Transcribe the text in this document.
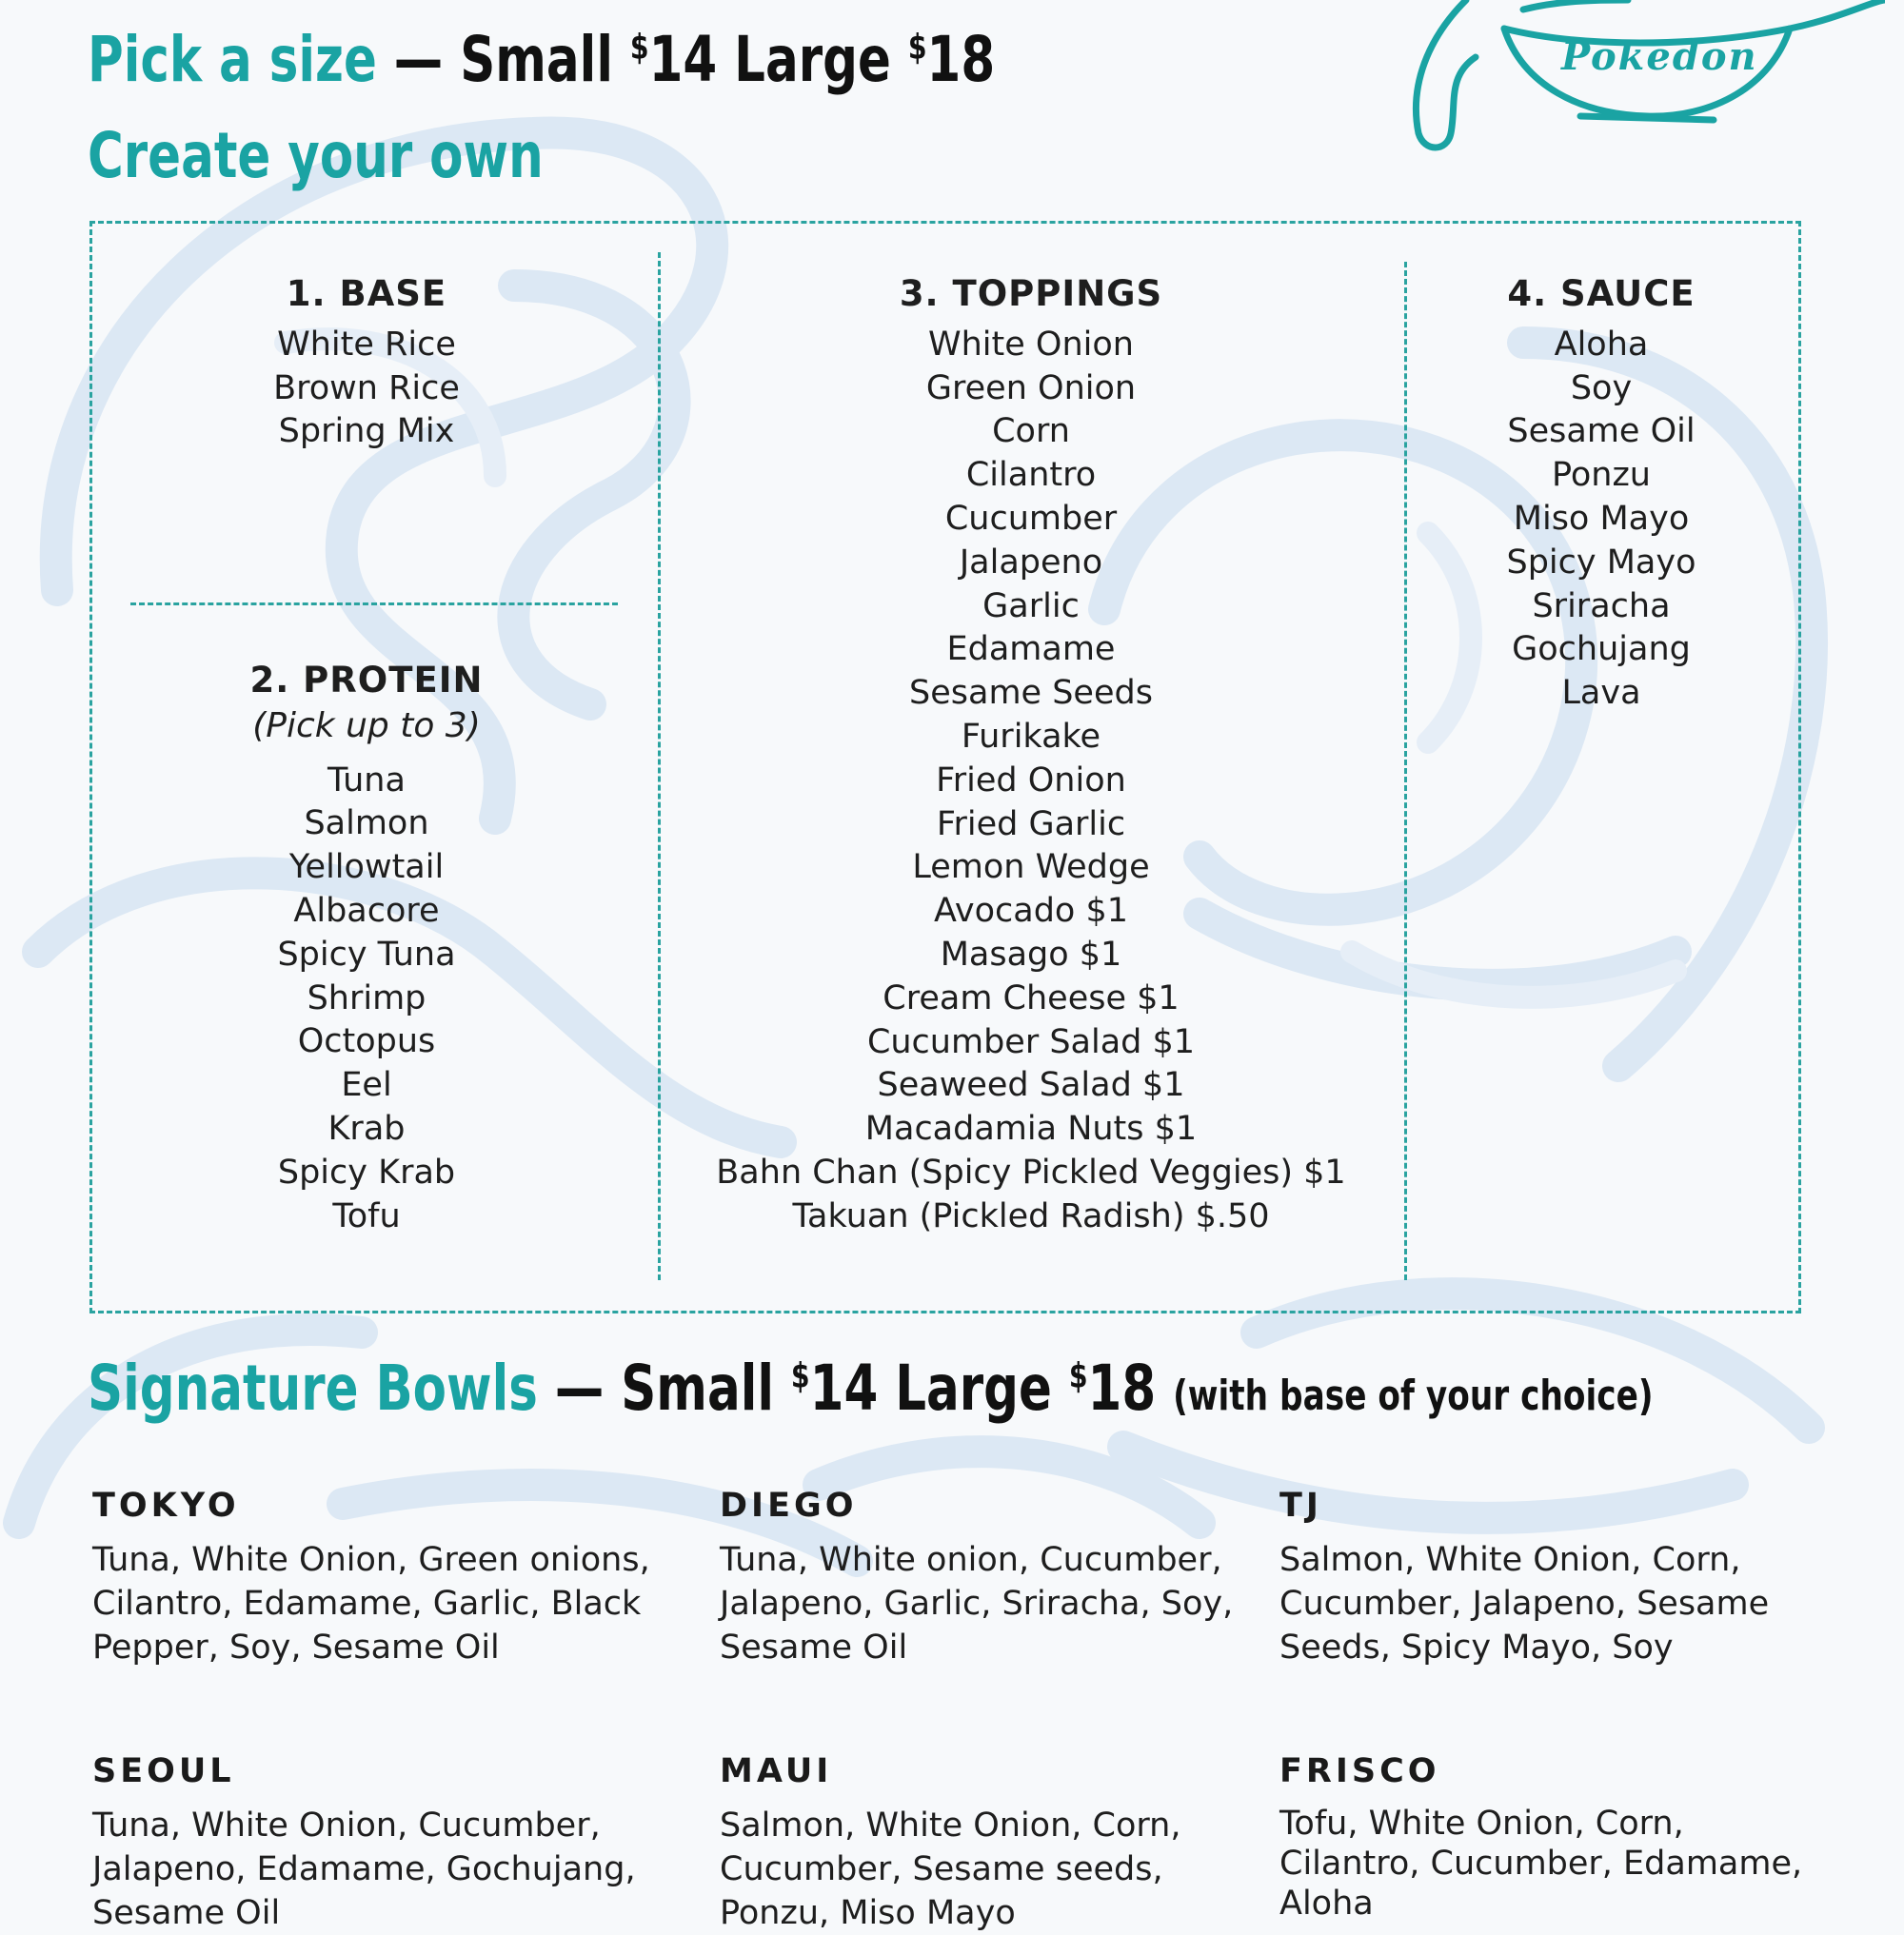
Pokedon
Pick a size — Small $14 Large $18
Create your own
1. BASE
White Rice
Brown Rice
Spring Mix
2. PROTEIN
(Pick up to 3)
Tuna
Salmon
Yellowtail
Albacore
Spicy Tuna
Shrimp
Octopus
Eel
Krab
Spicy Krab
Tofu
3. TOPPINGS
White Onion
Green Onion
Corn
Cilantro
Cucumber
Jalapeno
Garlic
Edamame
Sesame Seeds
Furikake
Fried Onion
Fried Garlic
Lemon Wedge
Avocado $1
Masago $1
Cream Cheese $1
Cucumber Salad $1
Seaweed Salad $1
Macadamia Nuts $1
Bahn Chan (Spicy Pickled Veggies) $1
Takuan (Pickled Radish) $.50
4. SAUCE
Aloha
Soy
Sesame Oil
Ponzu
Miso Mayo
Spicy Mayo
Sriracha
Gochujang
Lava
Signature Bowls — Small $14 Large $18 (with base of your choice)
TOKYO
Tuna, White Onion, Green onions,
Cilantro, Edamame, Garlic, Black
Pepper, Soy, Sesame Oil
DIEGO
Tuna, White onion, Cucumber,
Jalapeno, Garlic, Sriracha, Soy,
Sesame Oil
TJ
Salmon, White Onion, Corn,
Cucumber, Jalapeno, Sesame
Seeds, Spicy Mayo, Soy
SEOUL
Tuna, White Onion, Cucumber,
Jalapeno, Edamame, Gochujang,
Sesame Oil
MAUI
Salmon, White Onion, Corn,
Cucumber, Sesame seeds,
Ponzu, Miso Mayo
FRISCO
Tofu, White Onion, Corn,
Cilantro, Cucumber, Edamame,
Aloha
